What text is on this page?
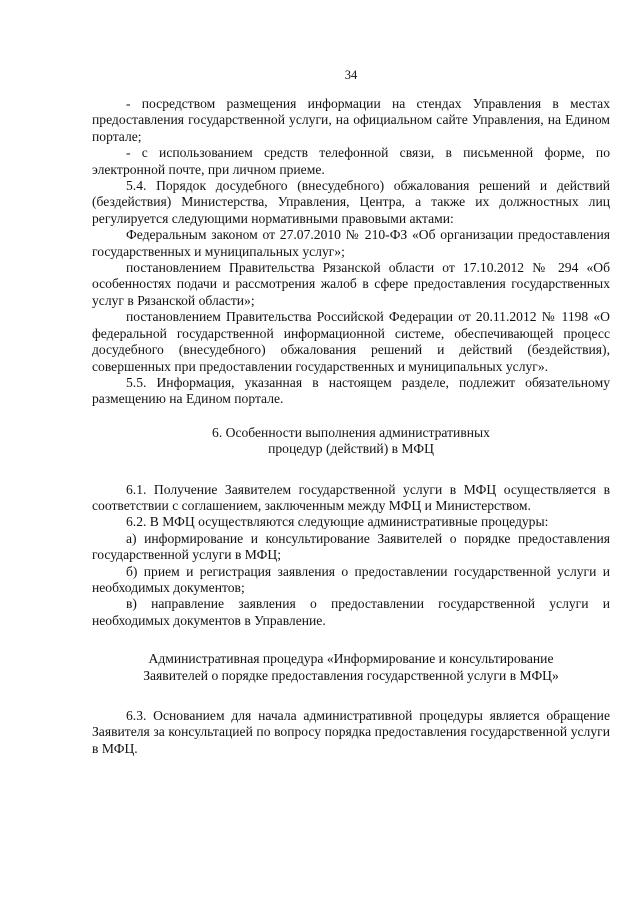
34

- посредством размещения информации на стендах Управления в местах предоставления государственной услуги, на официальном сайте Управления, на Едином портале;

- с использованием средств телефонной связи, в письменной форме, по электронной почте, при личном приеме.

5.4. Порядок досудебного (внесудебного) обжалования решений и действий (бездействия) Министерства, Управления, Центра, а также их должностных лиц регулируется следующими нормативными правовыми актами:

Федеральным законом от 27.07.2010 № 210-ФЗ «Об организации предоставления государственных и муниципальных услуг»;

постановлением Правительства Рязанской области от 17.10.2012 № 294 «Об особенностях подачи и рассмотрения жалоб в сфере предоставления государственных услуг в Рязанской области»;

постановлением Правительства Российской Федерации от 20.11.2012 № 1198 «О федеральной государственной информационной системе, обеспечивающей процесс досудебного (внесудебного) обжалования решений и действий (бездействия), совершенных при предоставлении государственных и муниципальных услуг».

5.5. Информация, указанная в настоящем разделе, подлежит обязательному размещению на Едином портале.

6. Особенности выполнения административных

процедур (действий) в МФЦ

6.1. Получение Заявителем государственной услуги в МФЦ осуществляется в соответствии с соглашением, заключенным между МФЦ и Министерством.

6.2. В МФЦ осуществляются следующие административные процедуры:

а) информирование и консультирование Заявителей о порядке предоставления государственной услуги в МФЦ;

б) прием и регистрация заявления о предоставлении государственной услуги и необходимых документов;

в) направление заявления о предоставлении государственной услуги и необходимых документов в Управление.

Административная процедура «Информирование и консультирование

Заявителей о порядке предоставления государственной услуги в МФЦ»

6.3. Основанием для начала административной процедуры является обращение Заявителя за консультацией по вопросу порядка предоставления государственной услуги в МФЦ.
